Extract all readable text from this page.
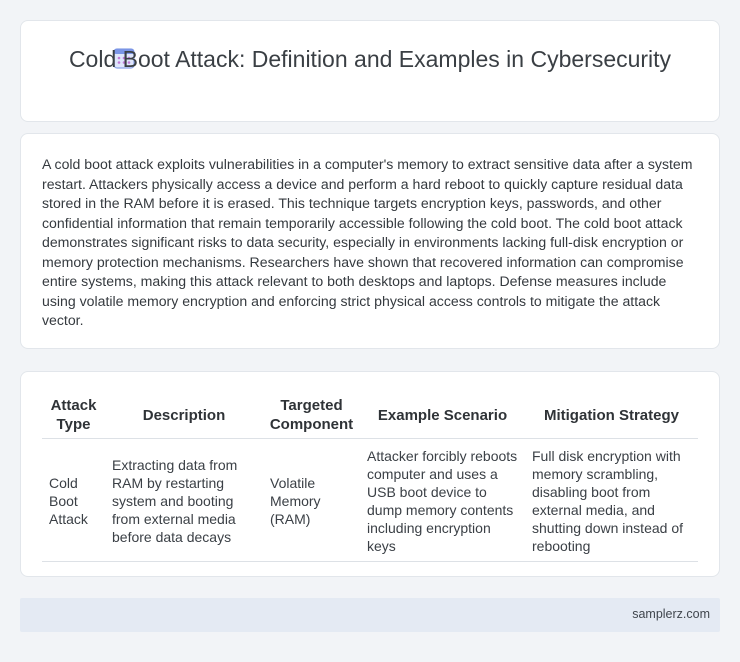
Cold Boot Attack: Definition and Examples in Cybersecurity

A cold boot attack exploits vulnerabilities in a computer's memory to extract sensitive data after a system restart. Attackers physically access a device and perform a hard reboot to quickly capture residual data stored in the RAM before it is erased. This technique targets encryption keys, passwords, and other confidential information that remain temporarily accessible following the cold boot. The cold boot attack demonstrates significant risks to data security, especially in environments lacking full-disk encryption or memory protection mechanisms. Researchers have shown that recovered information can compromise entire systems, making this attack relevant to both desktops and laptops. Defense measures include using volatile memory encryption and enforcing strict physical access controls to mitigate the attack vector.

Attack Type	Description	Targeted Component	Example Scenario	Mitigation Strategy
Cold Boot Attack	Extracting data from RAM by restarting system and booting from external media before data decays	Volatile Memory (RAM)	Attacker forcibly reboots computer and uses a USB boot device to dump memory contents including encryption keys	Full disk encryption with memory scrambling, disabling boot from external media, and shutting down instead of rebooting
samplerz.com
